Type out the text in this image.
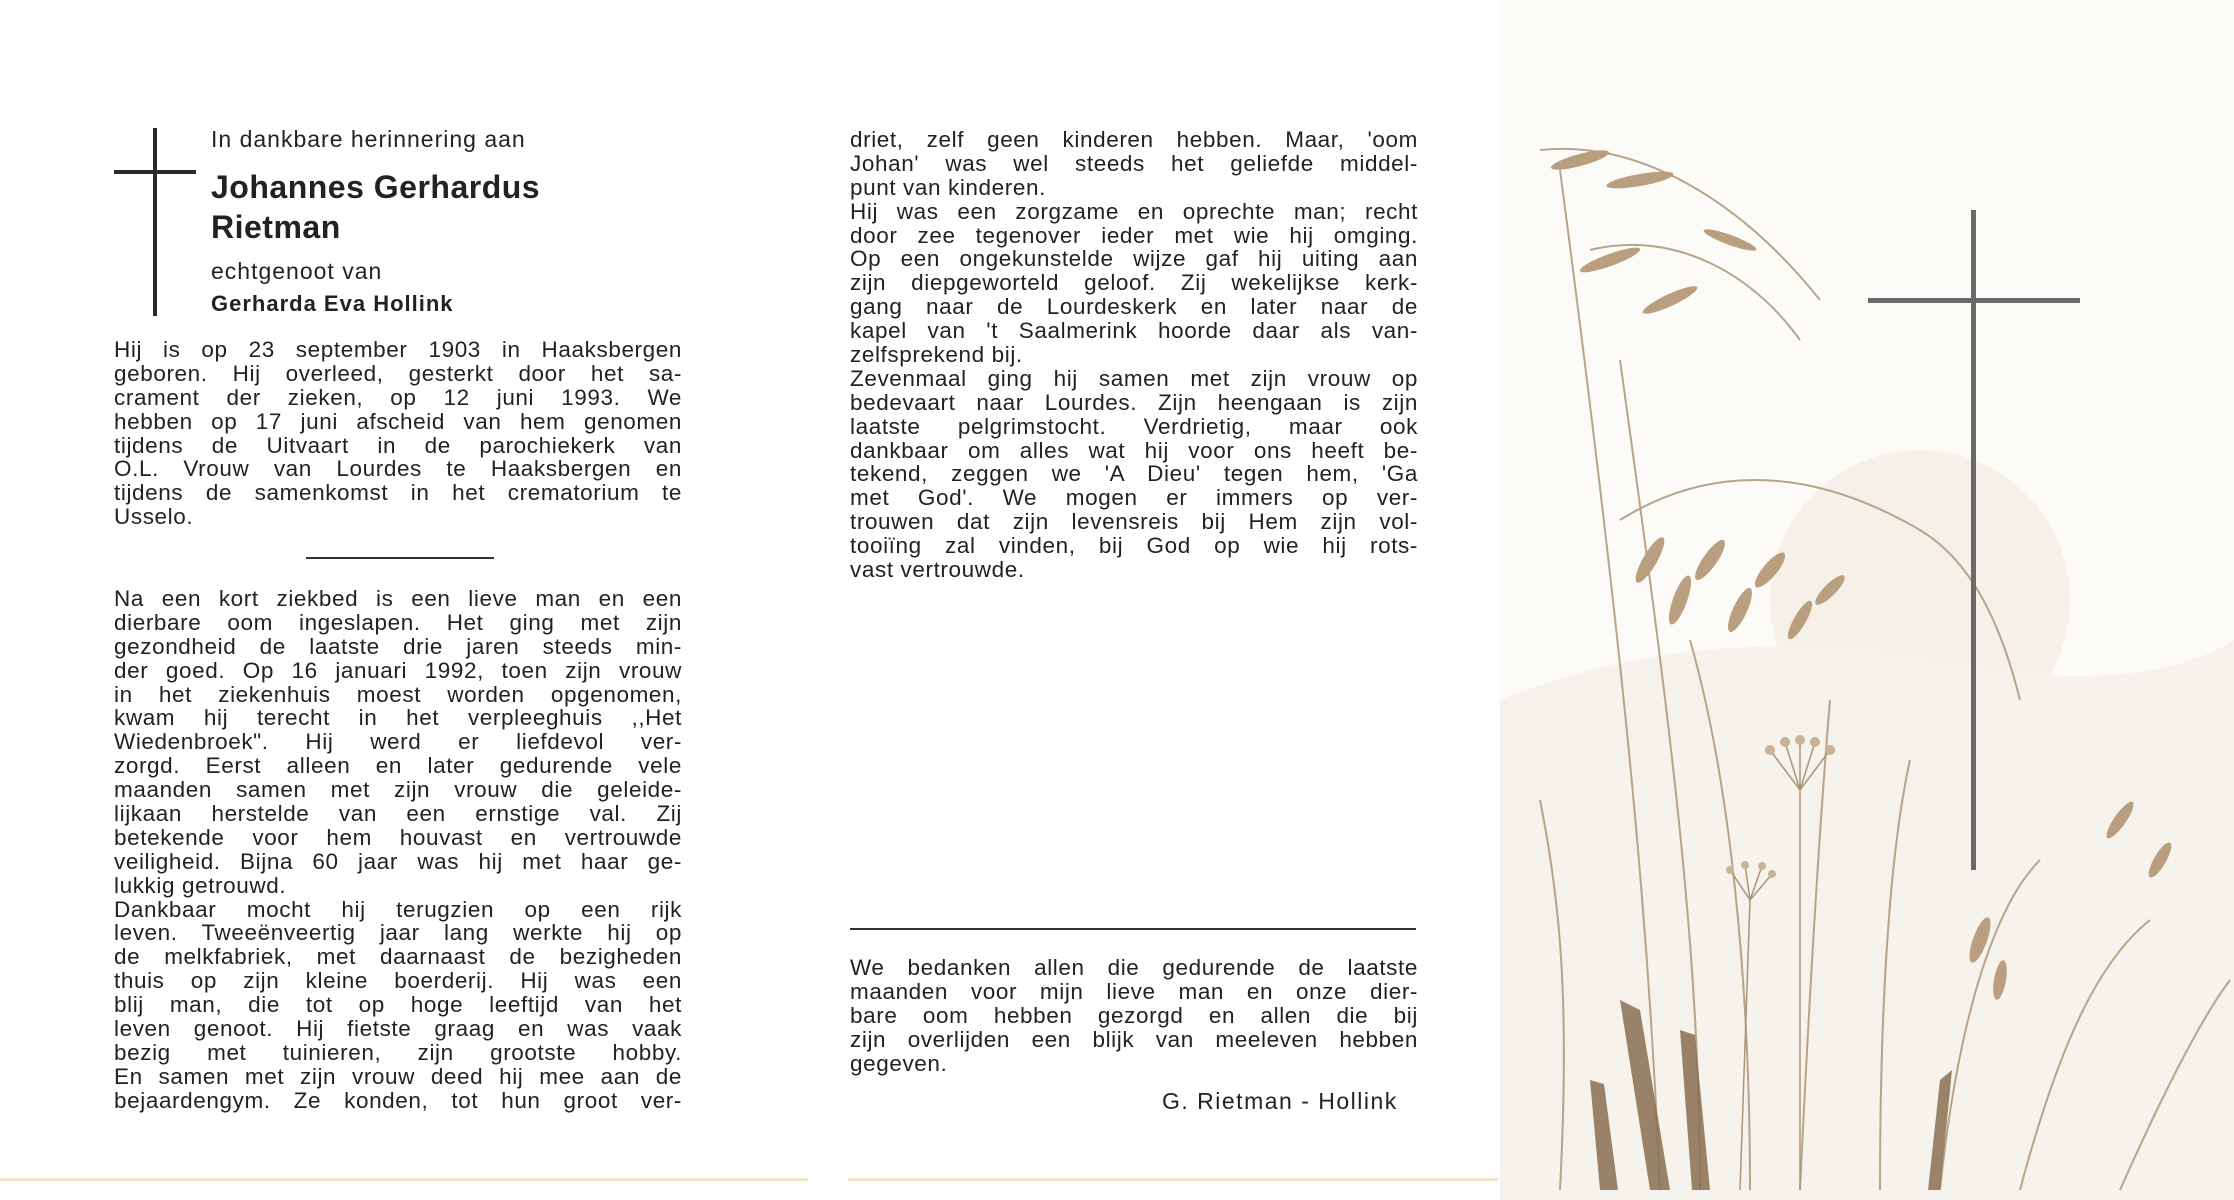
In dankbare herinnering aan
Johannes Gerhardus
Rietman
echtgenoot van
Gerharda Eva Hollink
Hij is op 23 september 1903 in Haaksbergen
geboren. Hij overleed, gesterkt door het sa-
crament der zieken, op 12 juni 1993. We
hebben op 17 juni afscheid van hem genomen
tijdens de Uitvaart in de parochiekerk van
O.L. Vrouw van Lourdes te Haaksbergen en
tijdens de samenkomst in het crematorium te
Usselo.
Na een kort ziekbed is een lieve man en een
dierbare oom ingeslapen. Het ging met zijn
gezondheid de laatste drie jaren steeds min-
der goed. Op 16 januari 1992, toen zijn vrouw
in het ziekenhuis moest worden opgenomen,
kwam hij terecht in het verpleeghuis ,,Het
Wiedenbroek". Hij werd er liefdevol ver-
zorgd. Eerst alleen en later gedurende vele
maanden samen met zijn vrouw die geleide-
lijkaan herstelde van een ernstige val. Zij
betekende voor hem houvast en vertrouwde
veiligheid. Bijna 60 jaar was hij met haar ge-
lukkig getrouwd.
Dankbaar mocht hij terugzien op een rijk
leven. Tweeënveertig jaar lang werkte hij op
de melkfabriek, met daarnaast de bezigheden
thuis op zijn kleine boerderij. Hij was een
blij man, die tot op hoge leeftijd van het
leven genoot. Hij fietste graag en was vaak
bezig met tuinieren, zijn grootste hobby.
En samen met zijn vrouw deed hij mee aan de
bejaardengym. Ze konden, tot hun groot ver-
driet, zelf geen kinderen hebben. Maar, 'oom
Johan' was wel steeds het geliefde middel-
punt van kinderen.
Hij was een zorgzame en oprechte man; recht
door zee tegenover ieder met wie hij omging.
Op een ongekunstelde wijze gaf hij uiting aan
zijn diepgeworteld geloof. Zij wekelijkse kerk-
gang naar de Lourdeskerk en later naar de
kapel van 't Saalmerink hoorde daar als van-
zelfsprekend bij.
Zevenmaal ging hij samen met zijn vrouw op
bedevaart naar Lourdes. Zijn heengaan is zijn
laatste pelgrimstocht. Verdrietig, maar ook
dankbaar om alles wat hij voor ons heeft be-
tekend, zeggen we 'A Dieu' tegen hem, 'Ga
met God'. We mogen er immers op ver-
trouwen dat zijn levensreis bij Hem zijn vol-
tooiïng zal vinden, bij God op wie hij rots-
vast vertrouwde.
We bedanken allen die gedurende de laatste
maanden voor mijn lieve man en onze dier-
bare oom hebben gezorgd en allen die bij
zijn overlijden een blijk van meeleven hebben
gegeven.
G. Rietman - Hollink
